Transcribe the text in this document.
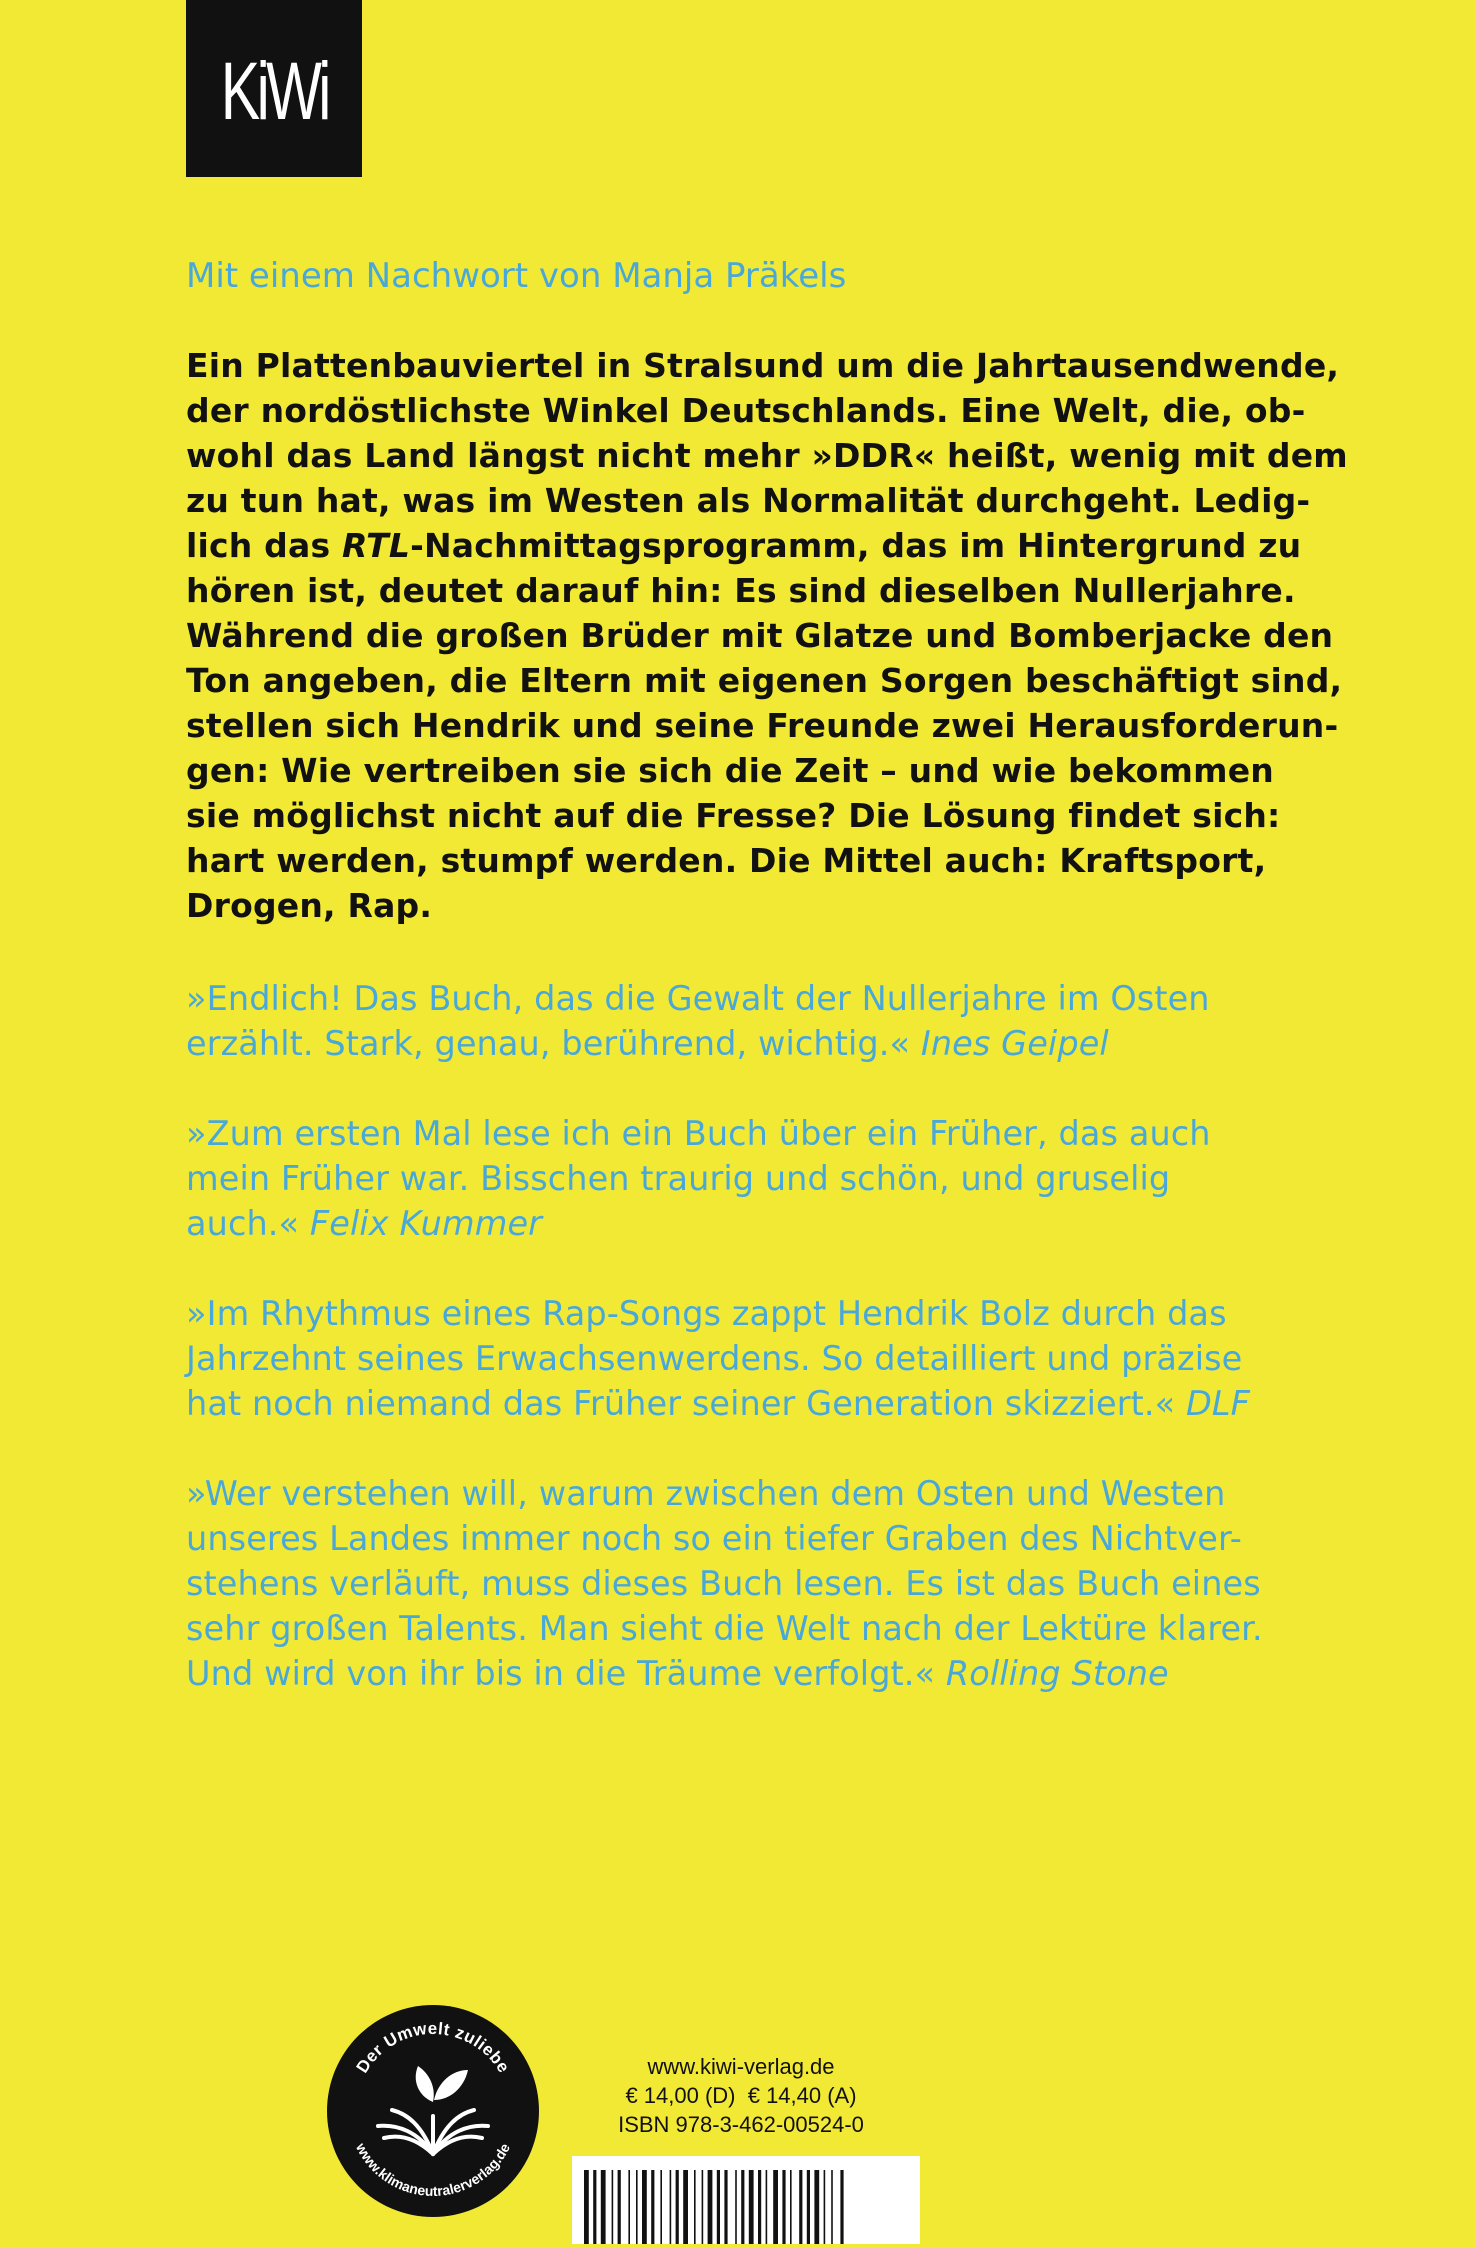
KiWi

Mit einem Nachwort von Manja Präkels

Ein Plattenbauviertel in Stralsund um die Jahrtausendwende,
der nordöstlichste Winkel Deutschlands. Eine Welt, die, ob-
wohl das Land längst nicht mehr »DDR« heißt, wenig mit dem
zu tun hat, was im Westen als Normalität durchgeht. Ledig-
lich das RTL-Nachmittagsprogramm, das im Hintergrund zu
hören ist, deutet darauf hin: Es sind dieselben Nullerjahre.
Während die großen Brüder mit Glatze und Bomberjacke den
Ton angeben, die Eltern mit eigenen Sorgen beschäftigt sind,
stellen sich Hendrik und seine Freunde zwei Herausforderun-
gen: Wie vertreiben sie sich die Zeit – und wie bekommen
sie möglichst nicht auf die Fresse? Die Lösung findet sich:
hart werden, stumpf werden. Die Mittel auch: Kraftsport,
Drogen, Rap.
»Endlich! Das Buch, das die Gewalt der Nullerjahre im Osten
erzählt. Stark, genau, berührend, wichtig.« Ines Geipel
»Zum ersten Mal lese ich ein Buch über ein Früher, das auch
mein Früher war. Bisschen traurig und schön, und gruselig
auch.« Felix Kummer
»Im Rhythmus eines Rap-Songs zappt Hendrik Bolz durch das
Jahrzehnt seines Erwachsenwerdens. So detailliert und präzise
hat noch niemand das Früher seiner Generation skizziert.« DLF
»Wer verstehen will, warum zwischen dem Osten und Westen
unseres Landes immer noch so ein tiefer Graben des Nichtver-
stehens verläuft, muss dieses Buch lesen. Es ist das Buch eines
sehr großen Talents. Man sieht die Welt nach der Lektüre klarer.
Und wird von ihr bis in die Träume verfolgt.« Rolling Stone
Der Umwelt zuliebe
www.klimaneutralerverlag.de
www.kiwi-verlag.de
€ 14,00 (D)  € 14,40 (A)
ISBN 978-3-462-00524-0
